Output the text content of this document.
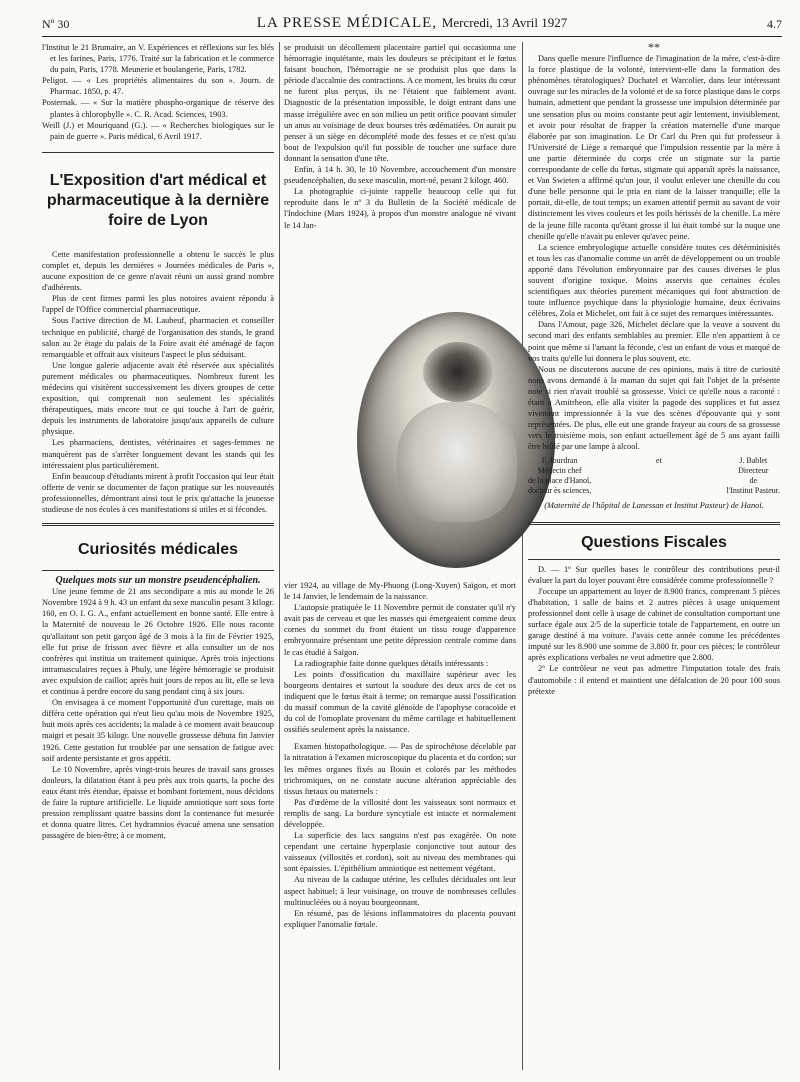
Nº 30	LA PRESSE MÉDICALE, Mercredi, 13 Avril 1927	4.7

l'Institut le 21 Brumaire, an V. Expériences et réflexions sur les blés et les farines, Paris, 1776. Traité sur la fabrication et le commerce du pain, Paris, 1778. Meunerie et boulangerie, Paris, 1782.

Peligot. — « Les propriétés alimentaires du son ». Journ. de Pharmac. 1850, p. 47.

Posternak. — « Sur la matière phospho-organique de réserve des plantes à chlorophylle ». C. R. Acad. Sciences, 1903.

Weill (J.) et Mouriquand (G.). — « Recherches biologiques sur le pain de guerre ». Paris médical, 6 Avril 1917.

L'Exposition d'art médical et pharmaceutique à la dernière foire de Lyon

Cette manifestation professionnelle a obtenu le succès le plus complet et, depuis les dernières « Journées médicales de Paris », aucune exposition de ce genre n'avait réuni un aussi grand nombre d'adhérents.

Plus de cent firmes parmi les plus notoires avaient répondu à l'appel de l'Office commercial pharmaceutique.

Sous l'active direction de M. Laubeuf, pharmacien et conseiller technique en publicité, chargé de l'organisation des stands, le grand salon au 2e étage du palais de la Foire avait été aménagé de façon remarquable et offrait aux visiteurs l'aspect le plus séduisant.

Une longue galerie adjacente avait été réservée aux spécialités purement médicales ou pharmaceutiques. Nombreux furent les médecins qui visitèrent successivement les divers groupes de cette exposition, qui comprenait non seulement les spécialités thérapeutiques, mais encore tout ce qui touche à l'art de guérir, depuis les instruments de laboratoire jusqu'aux appareils de culture physique.

Les pharmaciens, dentistes, vétérinaires et sages-femmes ne manquèrent pas de s'arrêter longuement devant les stands qui les intéressaient plus particulièrement.

Enfin beaucoup d'étudiants mirent à profit l'occasion qui leur était offerte de venir se documenter de façon pratique sur les nouveautés professionnelles, démontrant ainsi tout le prix qu'attache la jeunesse studieuse de nos écoles à ces manifestations si utiles et si fécondes.

Curiosités médicales

Quelques mots sur un monstre pseudencéphalien.

Une jeune femme de 21 ans secondipare a mis au monde le 26 Novembre 1924 à 9 h. 43 un enfant du sexe masculin pesant 3 kilogr. 160, en O. I. G. A., enfant actuellement en bonne santé. Elle entre à la Maternité de nouveau le 26 Octobre 1926. Elle nous raconte qu'allaitant son petit garçon âgé de 3 mois à la fin de Février 1925, elle fut prise de frisson avec fièvre et alla consulter un de nos confrères qui institua un traitement quinique. Après trois injections intramusculaires reçues à Phuly, une légère hémorragie se produisit avec expulsion de caillot; après huit jours de repos au lit, elle se leva et continua à perdre encore du sang pendant cinq à six jours.

On envisagea à ce moment l'opportunité d'un curettage, mais on différa cette opération qui n'eut lieu qu'au mois de Novembre 1925, huit mois après ces accidents; la malade à ce moment avait beaucoup maigri et pesait 35 kilogr. Une nouvelle grossesse débuta fin Janvier 1926. Cette gestation fut troublée par une sensation de fatigue avec soif ardente persistante et gros appétit.

Le 10 Novembre, après vingt-trois heures de travail sans grosses douleurs, la dilatation étant à peu près aux trois quarts, la poche des eaux étant très étendue, épaisse et bombant fortement, nous décidons de faire la rupture artificielle. Le liquide amniotique sort sous forte pression remplissant quatre bassins dont la contenance fut mesurée et donna quatre litres. Cet hydramnios évacué amena une sensation passagère de bien-être; à ce moment,

se produisit un décollement placentaire partiel qui occasionna une hémorragie inquiétante, mais les douleurs se précipitant et le fœtus faisant bouchon, l'hémorragie ne se produisit plus que dans la période d'accalmie des contractions. A ce moment, les bruits du cœur ne furent plus perçus, ils ne l'étaient que faiblement avant. Diagnostic de la présentation impossible, le doigt entrant dans une masse irrégulière avec en son milieu un petit orifice pouvant simuler un anus au voisinage de deux bourses très œdématiées. On aurait pu penser à un siège en décomplété mode des fesses et ce n'est qu'au bout de l'expulsion qu'il fut possible de toucher une surface dure donnant la sensation d'une tête.

Enfin, à 14 h. 30, le 10 Novembre, accouchement d'un monstre pseudencéphalien, du sexe masculin, mort-né, pesant 2 kilogr. 460.

La photographie ci-jointe rappelle beaucoup celle qui fut reproduite dans le nº 3 du Bulletin de la Société médicale de l'Indochine (Mars 1924), à propos d'un monstre analogue né vivant le 14 Jan-

vier 1924, au village de My-Phuong (Long-Xuyen) Saïgon, et mort le 14 Janvier, le lendemain de la naissance.

L'autopsie pratiquée le 11 Novembre permit de constater qu'il n'y avait pas de cerveau et que les masses qui émergeaient comme deux cornes du sommet du front étaient un tissu rouge d'apparence embryonnaire présentant une petite dépression centrale comme dans le cas étudié à Saïgon.

La radiographie faite donne quelques détails intéressants :

Les points d'ossification du maxillaire supérieur avec les bourgeons dentaires et surtout la soudure des deux arcs de cet os indiquent que le fœtus était à terme; on remarque aussi l'ossification du massif commun de la cavité glénoïde de l'apophyse coracoïde et du col de l'omoplate provenant du même cartilage et habituellement ossifiés seulement après la naissance.

Examen histopathologique. — Pas de spirochétose décelable par la nitratation à l'examen microscopique du placenta et du cordon; sur les mêmes organes fixés au Bouin et colorés par les méthodes trichromiques, on ne constate aucune altération appréciable des tissus fœtaux ou maternels :

Pas d'œdème de la villosité dont les vaisseaux sont normaux et remplis de sang. La bordure syncytiale est intacte et normalement développée.

La superficie des lacs sanguins n'est pas exagérée. On note cependant une certaine hyperplasie conjonctive tout autour des vaisseaux (villosités et cordon), soit au niveau des membranes qui sont épaissies. L'épithélium amniotique est nettement végétant.

Au niveau de la caduque utérine, les cellules déciduales ont leur aspect habituel; à leur voisinage, on trouve de nombreuses cellules multinucléées ou à noyau bourgeonnant.

En résumé, pas de lésions inflammatoires du placenta pouvant expliquer l'anomalie fœtale.

**

Dans quelle mesure l'influence de l'imagination de la mère, c'est-à-dire la force plastique de la volonté, intervient-elle dans la formation des phénomènes tératologiques? Duchatel et Warcolier, dans leur intéressant ouvrage sur les miracles de la volonté et de sa force plastique dans le corps humain, admettent que pendant la grossesse une impulsion déterminée par une sensation plus ou moins constante peut agir lentement, invisiblement, et avoir pour résultat de frapper la création maternelle d'une marque élaborée par son imagination. Le Dr Carl du Pren qui fut professeur à l'Université de Liège a remarqué que l'impulsion ressentie par la mère à une partie déterminée du corps crée un stigmate sur la partie correspondante de celle du fœtus, stigmate qui apparaît après la naissance, et Van Swieten a affirmé qu'un jour, il voulut enlever une chenille du cou d'une belle personne qui le pria en riant de la laisser tranquille; elle la portait, dit-elle, de tout temps; un examen attentif permit au savant de voir distinctement les vives couleurs et les poils hérissés de la chenille. La mère de la jeune fille raconta qu'étant grosse il lui était tombé sur la nuque une chenille qu'elle n'avait pu enlever qu'avec peine.

La science embryologique actuelle considère toutes ces détérminisités et tous les cas d'anomalie comme un arrêt de développement ou un trouble apporté dans l'évolution embryonnaire par des causes diverses le plus souvent d'origine toxique. Moins asservis que certaines écoles scientifiques aux théories purement mécaniques qui font abstraction de toute influence psychique dans la physiologie humaine, deux écrivains célèbres, Zola et Michelet, ont fait à ce sujet des remarques intéressantes.

Dans l'Amour, page 326, Michelet déclare que la veuve a souvent du second mari des enfants semblables au premier. Elle n'en appartient à ce point que même si l'amant la féconde, c'est un enfant de vous et marqué de vos traits qu'elle lui donnera le plus souvent, etc.

Nous ne discuterons aucune de ces opinions, mais à titre de curiosité nous avons demandé à la maman du sujet qui fait l'objet de la présente note si rien n'avait troublé sa grossesse. Voici ce qu'elle nous a raconté : étant à Amitrheon, elle alla visiter la pagode des supplices et fut assez vivement impressionnée à la vue des scènes d'épouvante qui y sont représentées. De plus, elle eut une grande frayeur au cours de sa grossesse vers le troisième mois, son enfant actuellement âgé de 5 ans ayant failli être brûlé par une lampe à alcool.

F. Jourdran
Médecin chef
de la place d'Hanoï,
docteur ès sciences,
et	J. Bablet
Directeur
de
l'Institut Pasteur.

(Maternité de l'hôpital de Lanessan et Institut Pasteur) de Hanoï.

Questions Fiscales

D. — 1º Sur quelles bases le contrôleur des contributions peut-il évaluer la part du loyer pouvant être considérée comme professionnelle ?

J'occupe un appartement au loyer de 8.900 francs, comprenant 5 pièces d'habitation, 1 salle de bains et 2 autres pièces à usage uniquement professionnel dont celle à usage de cabinet de consultation comportant une surface égale aux 2/5 de la superficie totale de l'appartement, en outre un garage destiné à ma voiture. J'avais cette année comme les précédentes imputé sur les 8.900 une somme de 3.800 fr. pour ces pièces; le contrôleur après explications verbales ne veut admettre que 2.800.

2º Le contrôleur ne veut pas admettre l'imputation totale des frais d'automobile : il entend et maintient une défalcation de 20 pour 100 sous prétexte
